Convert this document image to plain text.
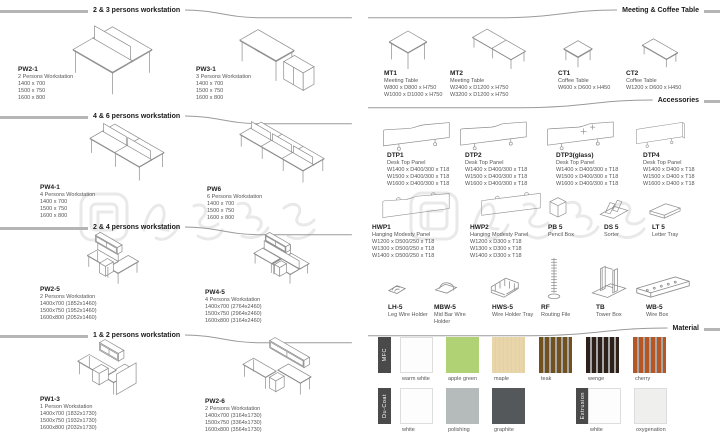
2 & 3 persons workstation
4 & 6 persons workstation
2 & 4 persons workstation
1 & 2 persons workstation
Meeting & Coffee Table
Accessories
Material
PW2-1
2 Persons Workstation
1400 x 700
1500 x 750
1600 x 800
PW3-1
3 Persons Workstation
1400 x 700
1500 x 750
1600 x 800
PW4-1
4 Persons Workstation
1400 x 700
1500 x 750
1600 x 800
PW6
6 Persons Workstation
1400 x 700
1500 x 750
1600 x 800
PW2-5
2 Persons Workstation
1400x700 (1852x1460)
1500x750 (1952x1460)
1600x800 (2052x1460)
PW4-5
4 Persons Workstation
1400x700 (2764x2460)
1500x750 (2964x2460)
1600x800 (3164x2460)
PW1-3
1 Person Workstation
1400x700 (1832x1730)
1500x750 (1932x1730)
1600x800 (2032x1730)
PW2-6
2 Persons Workstation
1400x700 (3164x1730)
1500x750 (3364x1730)
1600x800 (3564x1730)
MT1
Meeting Table
W800 x D800 x H750
W1000 x D1000 x H750
MT2
Meeting Table
W2400 x D1200 x H750
W3200 x D1200 x H750
CT1
Coffee Table
W600 x D600 x H450
CT2
Coffee Table
W1200 x D600 x H450
DTP1
Desk Top Panel
W1400 x D400/300 x T18
W1500 x D400/300 x T18
W1600 x D400/300 x T18
DTP2
Desk Top Panel
W1400 x D400/300 x T18
W1500 x D400/300 x T18
W1600 x D400/300 x T18
DTP3(glass)
Desk Top Panel
W1400 x D400/300 x T18
W1500 x D400/300 x T18
W1600 x D400/300 x T18
DTP4
Desk Top Panel
W1400 x D400 x T18
W1500 x D400 x T18
W1600 x D400 x T18
HWP1
Hanging Modesty Panel
W1200 x D500/250 x T18
W1300 x D500/250 x T18
W1400 x D500/250 x T18
HWP2
Hanging Modesty Panel
W1200 x D300 x T18
W1300 x D300 x T18
W1400 x D300 x T18
PB 5
Pencil Box
DS 5
Sorter
LT 5
Letter Tray
LH-5
Leg Wire Holder
MBW-5
Mid Bar Wire Holder
HWS-5
Wire Holder Tray
RF
Routing File
TB
Tower Box
WB-5
Wire Box
MFC
warm white	apple green	maple	teak	wenge	cherry
Du-Coat
white	polishing	graphite
Extrusion
white	oxygenation
